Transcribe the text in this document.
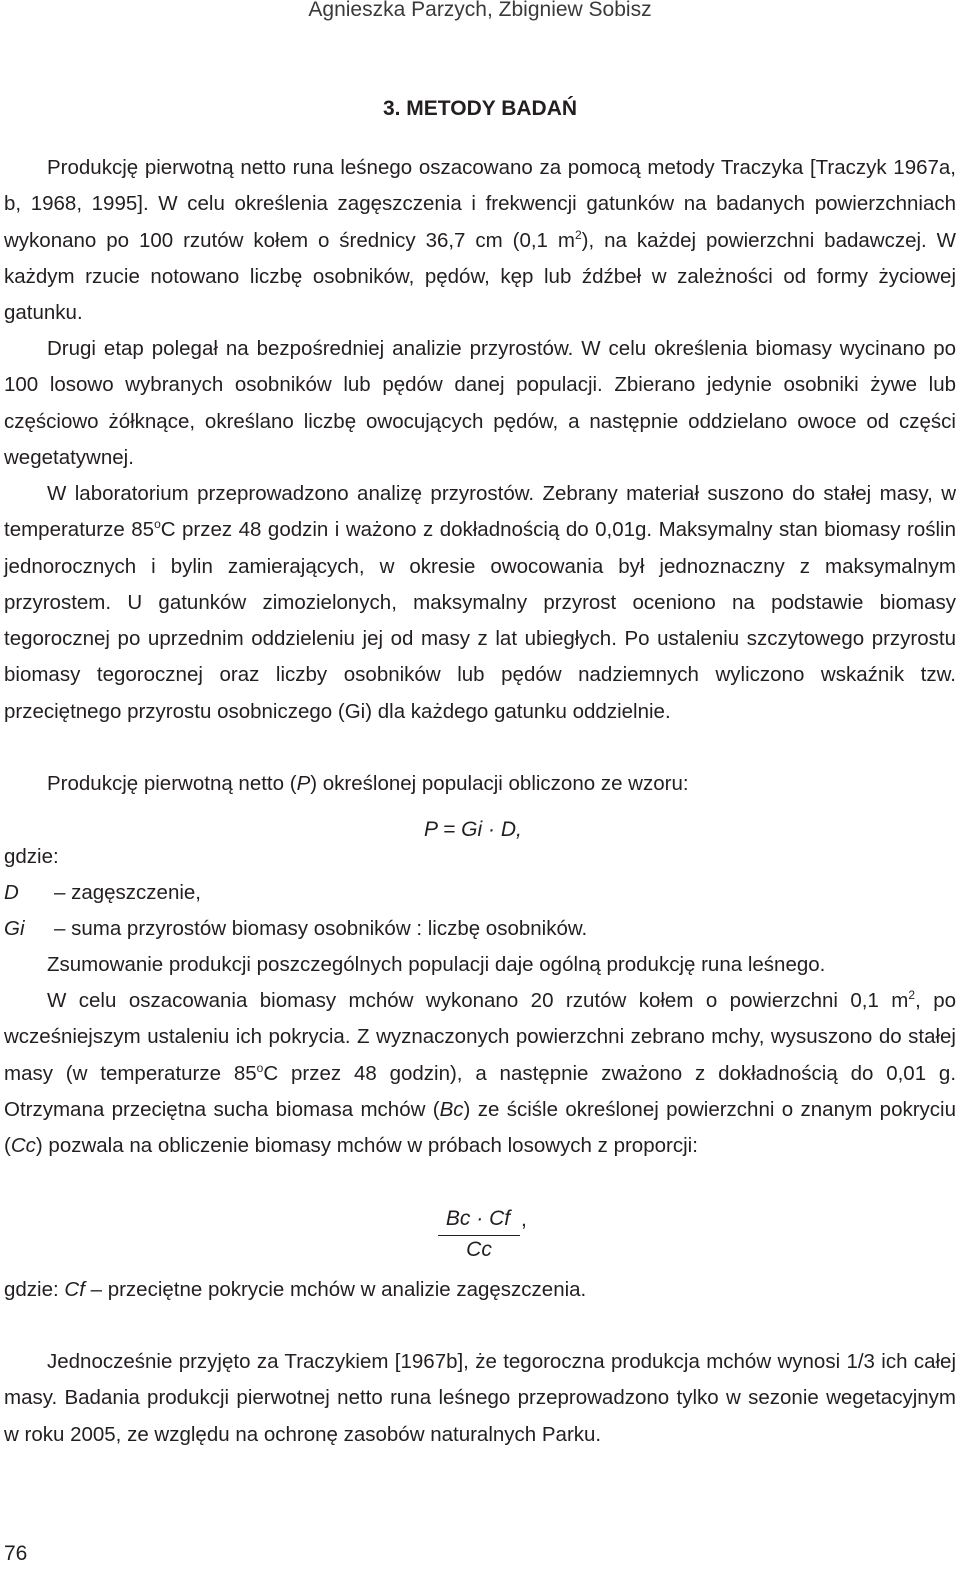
Agnieszka Parzych, Zbigniew Sobisz
3. METODY BADAŃ

Produkcję pierwotną netto runa leśnego oszacowano za pomocą metody Traczyka [Traczyk 1967a, b, 1968, 1995]. W celu określenia zagęszczenia i frekwencji gatunków na badanych powierzchniach wykonano po 100 rzutów kołem o średnicy 36,7 cm (0,1 $m^2$), na każdej powierzchni badawczej. W każdym rzucie notowano liczbę osobników, pędów, kęp lub źdźbeł w zależności od formy życiowej gatunku.

Drugi etap polegał na bezpośredniej analizie przyrostów. W celu określenia biomasy wycinano po 100 losowo wybranych osobników lub pędów danej populacji. Zbierano jedynie osobniki żywe lub częściowo żółknące, określano liczbę owocujących pędów, a następnie oddzielano owoce od części wegetatywnej.

W laboratorium przeprowadzono analizę przyrostów. Zebrany materiał suszono do stałej masy, w temperaturze 85$^o$C przez 48 godzin i ważono z dokładnością do 0,01g. Maksymalny stan biomasy roślin jednorocznych i bylin zamierających, w okresie owocowania był jednoznaczny z maksymalnym przyrostem. U gatunków zimozielonych, maksymalny przyrost oceniono na podstawie biomasy tegorocznej po uprzednim oddzieleniu jej od masy z lat ubiegłych. Po ustaleniu szczytowego przyrostu biomasy tegorocznej oraz liczby osobników lub pędów nadziemnych wyliczono wskaźnik tzw. przeciętnego przyrostu osobniczego (Gi) dla każdego gatunku oddzielnie.

Produkcję pierwotną netto (P) określonej populacji obliczono ze wzoru:

P = Gi · D,
gdzie:
D – zagęszczenie,
Gi – suma przyrostów biomasy osobników : liczbę osobników.

Zsumowanie produkcji poszczególnych populacji daje ogólną produkcję runa leśnego.

W celu oszacowania biomasy mchów wykonano 20 rzutów kołem o powierzchni 0,1 $m^2$, po wcześniejszym ustaleniu ich pokrycia. Z wyznaczonych powierzchni zebrano mchy, wysuszono do stałej masy (w temperaturze 85$^o$C przez 48 godzin), a następnie zważono z dokładnością do 0,01 g. Otrzymana przeciętna sucha biomasa mchów (Bc) ze ściśle określonej powierzchni o znanym pokryciu (Cc) pozwala na obliczenie biomasy mchów w próbach losowych z proporcji:

$\frac{Bc \cdot Cf}{Cc}$ ,
gdzie: Cf – przeciętne pokrycie mchów w analizie zagęszczenia.

Jednocześnie przyjęto za Traczykiem [1967b], że tegoroczna produkcja mchów wynosi 1/3 ich całej masy. Badania produkcji pierwotnej netto runa leśnego przeprowadzono tylko w sezonie wegetacyjnym w roku 2005, ze względu na ochronę zasobów naturalnych Parku.

76
